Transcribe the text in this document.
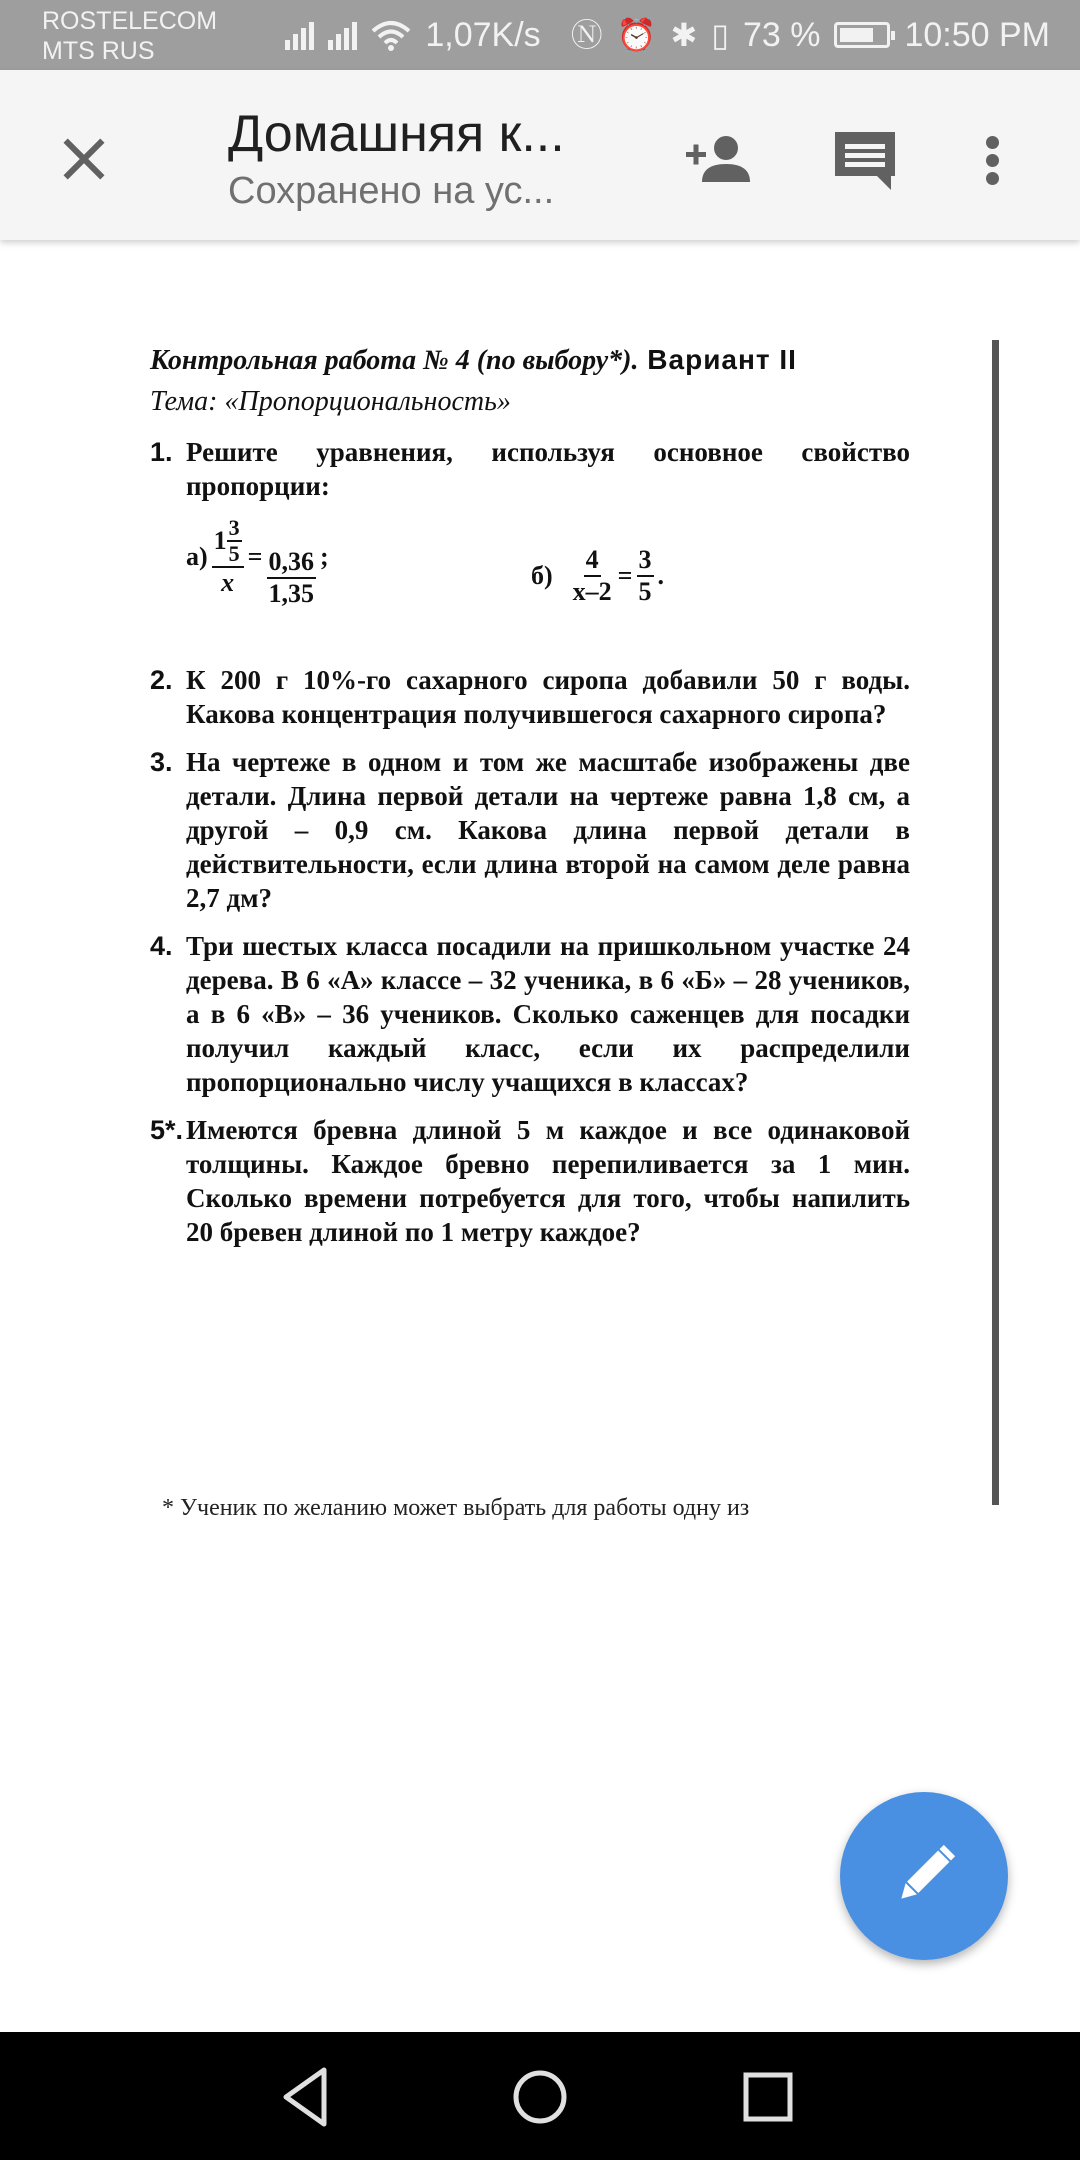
ROSTELECOM
MTS RUS	1,07K/s Ⓝ ⏰ ✱ ▯ 73 % 10:50 PM
Домашняя к...
Сохранено на ус...
Контрольная работа № 4 (по выбору*). Вариант II
Тема: «Пропорциональность»
1. Решите уравнения, используя основное свойство пропорции:
$а) \frac{1 \frac{3}{5}}{x} = \frac{0,36}{1,35}$ ;
$б) \frac{4}{x-2} = \frac{3}{5}$ .
2. К 200 г 10%-го сахарного сиропа добавили 50 г воды. Какова концентрация получившегося сахарного сиропа?
3. На чертеже в одном и том же масштабе изображены две детали. Длина первой детали на чертеже равна 1,8 см, а другой – 0,9 см. Какова длина первой детали в действительности, если длина второй на самом деле равна 2,7 дм?
4. Три шестых класса посадили на пришкольном участке 24 дерева. В 6 «А» классе – 32 ученика, в 6 «Б» – 28 учеников, а в 6 «В» – 36 учеников. Сколько саженцев для посадки получил каждый класс, если их распределили пропорционально числу учащихся в классах?
5*. Имеются бревна длиной 5 м каждое и все одинаковой толщины. Каждое бревно перепиливается за 1 мин. Сколько времени потребуется для того, чтобы напилить 20 бревен длиной по 1 метру каждое?
* Ученик по желанию может выбрать для работы одну из
